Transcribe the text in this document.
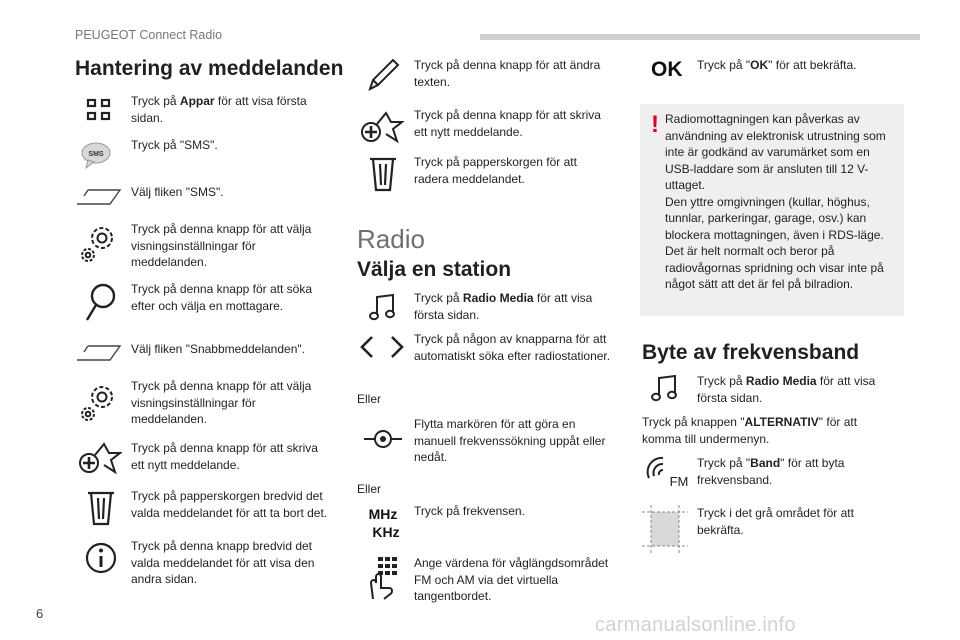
PEUGEOT Connect Radio
Hantering av meddelanden
Tryck på Appar för att visa första sidan.
SMS
Tryck på "SMS".
Välj fliken "SMS".
Tryck på denna knapp för att välja visningsinställningar för meddelanden.
Tryck på denna knapp för att söka efter och välja en mottagare.
Välj fliken "Snabbmeddelanden".
Tryck på denna knapp för att välja visningsinställningar för meddelanden.
Tryck på denna knapp för att skriva ett nytt meddelande.
Tryck på papperskorgen bredvid det valda meddelandet för att ta bort det.
Tryck på denna knapp bredvid det valda meddelandet för att visa den andra sidan.
Tryck på denna knapp för att ändra texten.
Tryck på denna knapp för att skriva ett nytt meddelande.
Tryck på papperskorgen för att radera meddelandet.
Radio
Välja en station
Tryck på Radio Media för att visa första sidan.
Tryck på någon av knapparna för att automatiskt söka efter radiostationer.
Eller
Flytta markören för att göra en manuell frekvenssökning uppåt eller nedåt.
Eller
MHz
KHz
Tryck på frekvensen.
Ange värdena för våglängdsområdet FM och AM via det virtuella tangentbordet.
OK Tryck på "OK" för att bekräfta.
! Radiomottagningen kan påverkas av användning av elektronisk utrustning som inte är godkänd av varumärket som en USB-laddare som är ansluten till 12 V-uttaget.
Den yttre omgivningen (kullar, höghus, tunnlar, parkeringar, garage, osv.) kan blockera mottagningen, även i RDS-läge. Det är helt normalt och beror på radiovågornas spridning och visar inte på något sätt att det är fel på bilradion.
Byte av frekvensband
Tryck på Radio Media för att visa första sidan.
Tryck på knappen "ALTERNATIV" för att komma till undermenyn.
FM
Tryck på "Band" för att byta frekvensband.
Tryck i det grå området för att bekräfta.
6
carmanualsonline.info
